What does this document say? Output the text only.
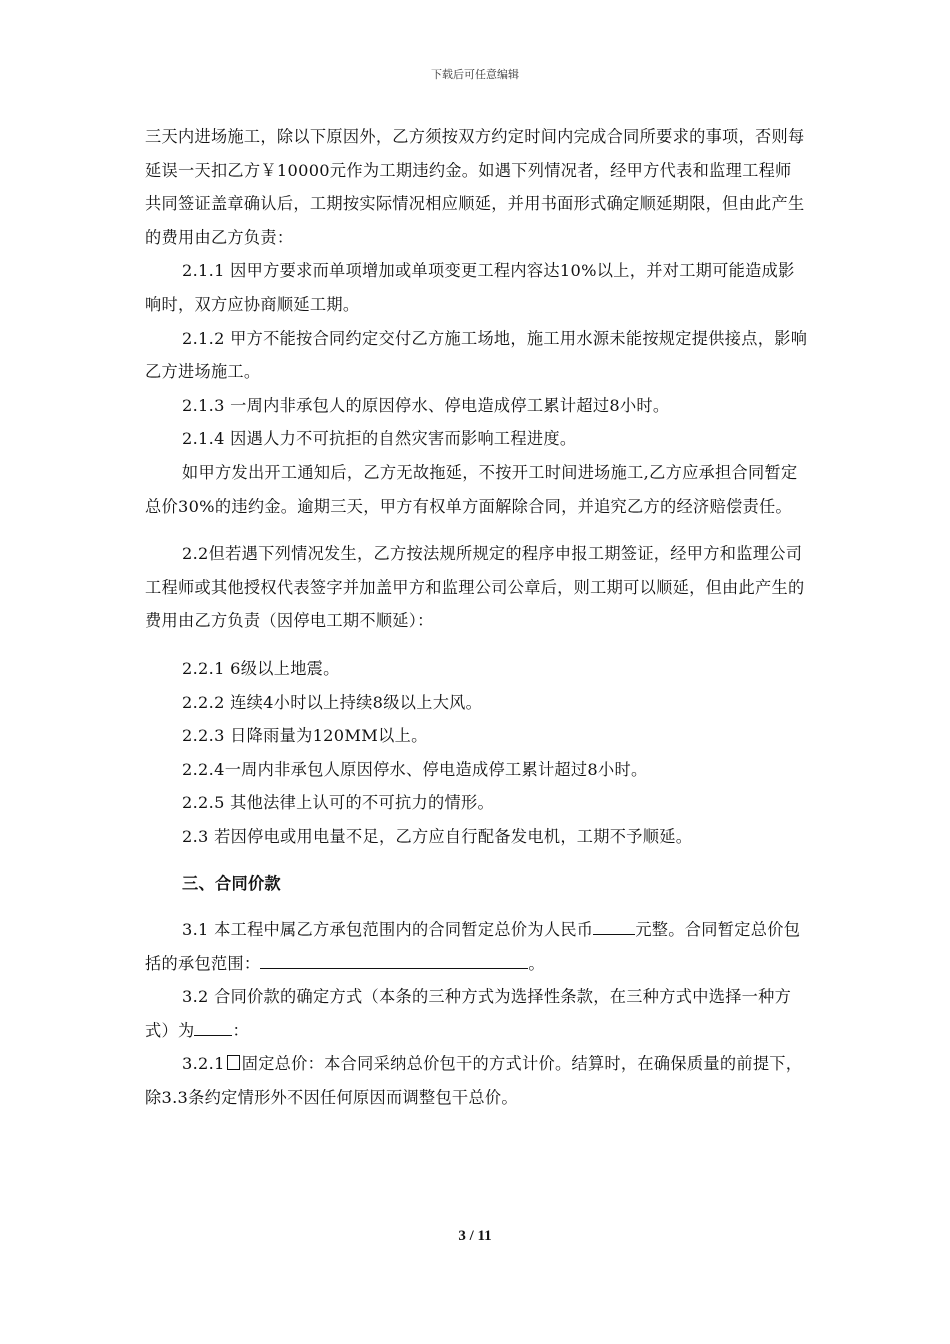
下载后可任意编辑

三天内进场施工，除以下原因外，乙方须按双方约定时间内完成合同所要求的事项，否则每延误一天扣乙方￥10000元作为工期违约金。如遇下列情况者，经甲方代表和监理工程师共同签证盖章确认后，工期按实际情况相应顺延，并用书面形式确定顺延期限，但由此产生的费用由乙方负责：

2.1.1 因甲方要求而单项增加或单项变更工程内容达10%以上，并对工期可能造成影响时，双方应协商顺延工期。

2.1.2 甲方不能按合同约定交付乙方施工场地，施工用水源未能按规定提供接点，影响乙方进场施工。

2.1.3 一周内非承包人的原因停水、停电造成停工累计超过8小时。

2.1.4 因遇人力不可抗拒的自然灾害而影响工程进度。

如甲方发出开工通知后，乙方无故拖延，不按开工时间进场施工,乙方应承担合同暂定总价30%的违约金。逾期三天，甲方有权单方面解除合同，并追究乙方的经济赔偿责任。

2.2但若遇下列情况发生，乙方按法规所规定的程序申报工期签证，经甲方和监理公司工程师或其他授权代表签字并加盖甲方和监理公司公章后，则工期可以顺延，但由此产生的费用由乙方负责（因停电工期不顺延）：

2.2.1 6级以上地震。

2.2.2 连续4小时以上持续8级以上大风。

2.2.3 日降雨量为120MM以上。

2.2.4一周内非承包人原因停水、停电造成停工累计超过8小时。

2.2.5 其他法律上认可的不可抗力的情形。

2.3 若因停电或用电量不足，乙方应自行配备发电机，工期不予顺延。

三、合同价款

3.1 本工程中属乙方承包范围内的合同暂定总价为人民币	元整。合同暂定总价包括的承包范围：	。

3.2 合同价款的确定方式（本条的三种方式为选择性条款，在三种方式中选择一种方式）为 ：

3.2.1 固定总价：本合同采纳总价包干的方式计价。结算时，在确保质量的前提下，除3.3条约定情形外不因任何原因而调整包干总价。

3 / 11
